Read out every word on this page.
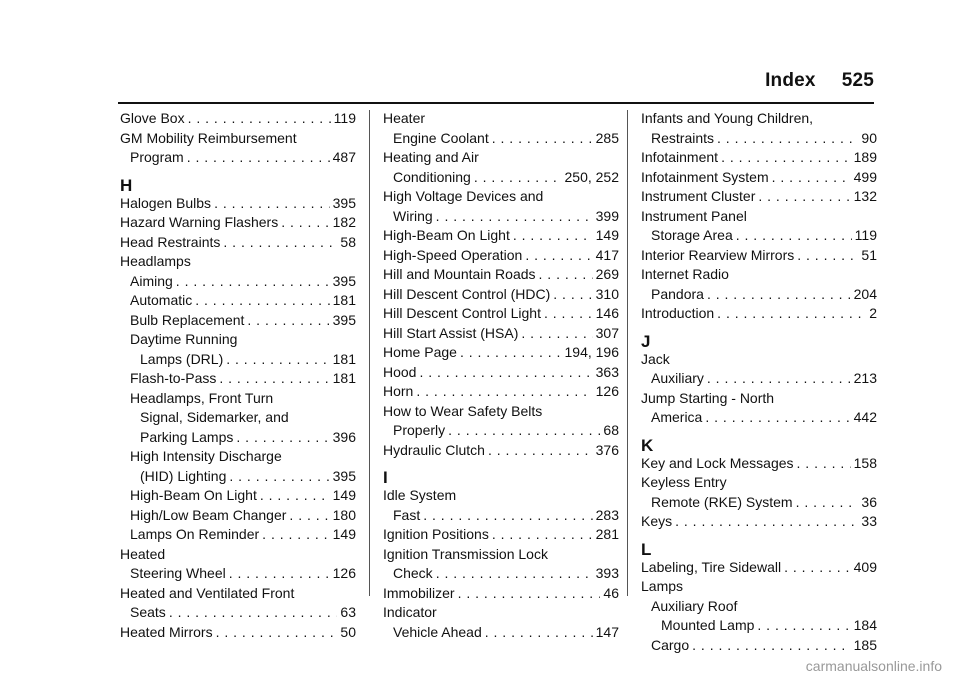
Index 525
Glove Box . . .	119
GM Mobility Reimbursement
Program . . .	487
H
Halogen Bulbs . . .	395
Hazard Warning Flashers . . .	182
Head Restraints . . .	58
Headlamps
Aiming . . .	395
Automatic . . .	181
Bulb Replacement . . .	395
Daytime Running
Lamps (DRL) . . .	181
Flash-to-Pass . . .	181
Headlamps, Front Turn
Signal, Sidemarker, and
Parking Lamps . . .	396
High Intensity Discharge
(HID) Lighting . . .	395
High-Beam On Light . . .	149
High/Low Beam Changer . . .	180
Lamps On Reminder . . .	149
Heated
Steering Wheel . . .	126
Heated and Ventilated Front
Seats . . .	63
Heated Mirrors . . .	50
Heater
Engine Coolant . . .	285
Heating and Air
Conditioning . . .	250, 252
High Voltage Devices and
Wiring . . .	399
High-Beam On Light . . .	149
High-Speed Operation . . .	417
Hill and Mountain Roads . . .	269
Hill Descent Control (HDC) . . .	310
Hill Descent Control Light . . .	146
Hill Start Assist (HSA) . . .	307
Home Page . . .	194, 196
Hood . . .	363
Horn . . .	126
How to Wear Safety Belts
Properly . . .	68
Hydraulic Clutch . . .	376
I
Idle System
Fast . . .	283
Ignition Positions . . .	281
Ignition Transmission Lock
Check . . .	393
Immobilizer . . .	46
Indicator
Vehicle Ahead . . .	147
Infants and Young Children,
Restraints . . .	90
Infotainment . . .	189
Infotainment System . . .	499
Instrument Cluster . . .	132
Instrument Panel
Storage Area . . .	119
Interior Rearview Mirrors . . .	51
Internet Radio
Pandora . . .	204
Introduction . . .	2
J
Jack
Auxiliary . . .	213
Jump Starting - North
America . . .	442
K
Key and Lock Messages . . .	158
Keyless Entry
Remote (RKE) System . . .	36
Keys . . .	33
L
Labeling, Tire Sidewall . . .	409
Lamps
Auxiliary Roof
Mounted Lamp . . .	184
Cargo . . .	185
carmanualsonline.info
